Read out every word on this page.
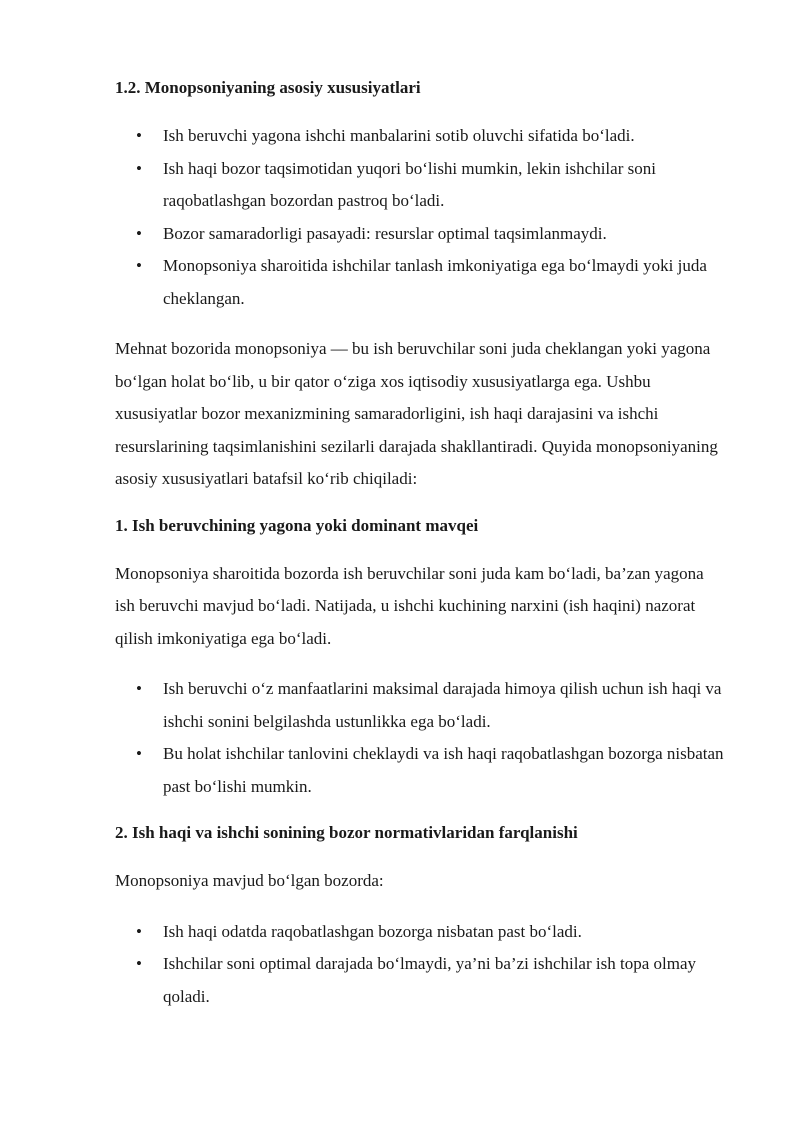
1.2. Monopsoniyaning asosiy xususiyatlari
• Ish beruvchi yagona ishchi manbalarini sotib oluvchi sifatida bo‘ladi.
• Ish haqi bozor taqsimotidan yuqori bo‘lishi mumkin, lekin ishchilar soni raqobatlashgan bozordan pastroq bo‘ladi.
• Bozor samaradorligi pasayadi: resurslar optimal taqsimlanmaydi.
• Monopsoniya sharoitida ishchilar tanlash imkoniyatiga ega bo‘lmaydi yoki juda cheklangan.

Mehnat bozorida monopsoniya — bu ish beruvchilar soni juda cheklangan yoki yagona bo‘lgan holat bo‘lib, u bir qator o‘ziga xos iqtisodiy xususiyatlarga ega. Ushbu xususiyatlar bozor mexanizmining samaradorligini, ish haqi darajasini va ishchi resurslarining taqsimlanishini sezilarli darajada shakllantiradi. Quyida monopsoniyaning asosiy xususiyatlari batafsil ko‘rib chiqiladi:

1. Ish beruvchining yagona yoki dominant mavqei

Monopsoniya sharoitida bozorda ish beruvchilar soni juda kam bo‘ladi, ba’zan yagona ish beruvchi mavjud bo‘ladi. Natijada, u ishchi kuchining narxini (ish haqini) nazorat qilish imkoniyatiga ega bo‘ladi.

• Ish beruvchi o‘z manfaatlarini maksimal darajada himoya qilish uchun ish haqi va ishchi sonini belgilashda ustunlikka ega bo‘ladi.
• Bu holat ishchilar tanlovini cheklaydi va ish haqi raqobatlashgan bozorga nisbatan past bo‘lishi mumkin.
2. Ish haqi va ishchi sonining bozor normativlaridan farqlanishi

Monopsoniya mavjud bo‘lgan bozorda:

• Ish haqi odatda raqobatlashgan bozorga nisbatan past bo‘ladi.
• Ishchilar soni optimal darajada bo‘lmaydi, ya’ni ba’zi ishchilar ish topa olmay qoladi.
